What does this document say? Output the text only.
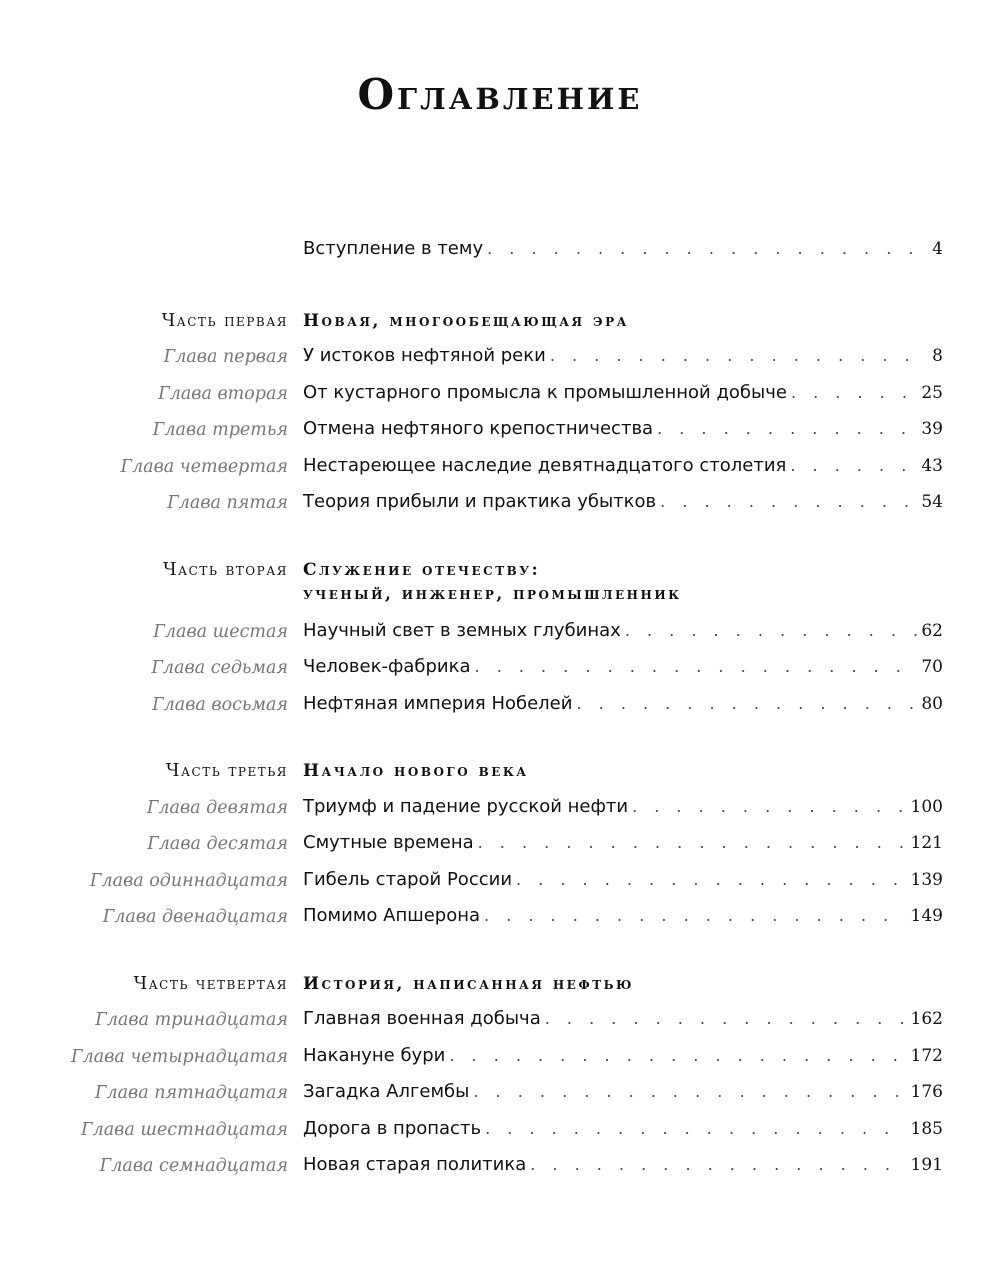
Оглавление
Вступление в тему . . .	4
Часть первая Новая, многообещающая эра
Глава первая У истоков нефтяной реки . . .	8
Глава вторая От кустарного промысла к промышленной добыче . . .	25
Глава третья Отмена нефтяного крепостничества . . .	39
Глава четвертая Нестареющее наследие девятнадцатого столетия . . .	43
Глава пятая Теория прибыли и практика убытков . . .	54
Часть вторая Служение отечеству:
ученый, инженер, промышленник
Глава шестая Научный свет в земных глубинах . . .	62
Глава седьмая Человек-фабрика . . .	70
Глава восьмая Нефтяная империя Нобелей . . .	80
Часть третья Начало нового века
Глава девятая Триумф и падение русской нефти . . .	100
Глава десятая Смутные времена . . .	121
Глава одиннадцатая Гибель старой России . . .	139
Глава двенадцатая Помимо Апшерона . . .	149
Часть четвертая История, написанная нефтью
Глава тринадцатая Главная военная добыча . . .	162
Глава четырнадцатая Накануне бури . . .	172
Глава пятнадцатая Загадка Алгембы . . .	176
Глава шестнадцатая Дорога в пропасть . . .	185
Глава семнадцатая Новая старая политика . . .	191
